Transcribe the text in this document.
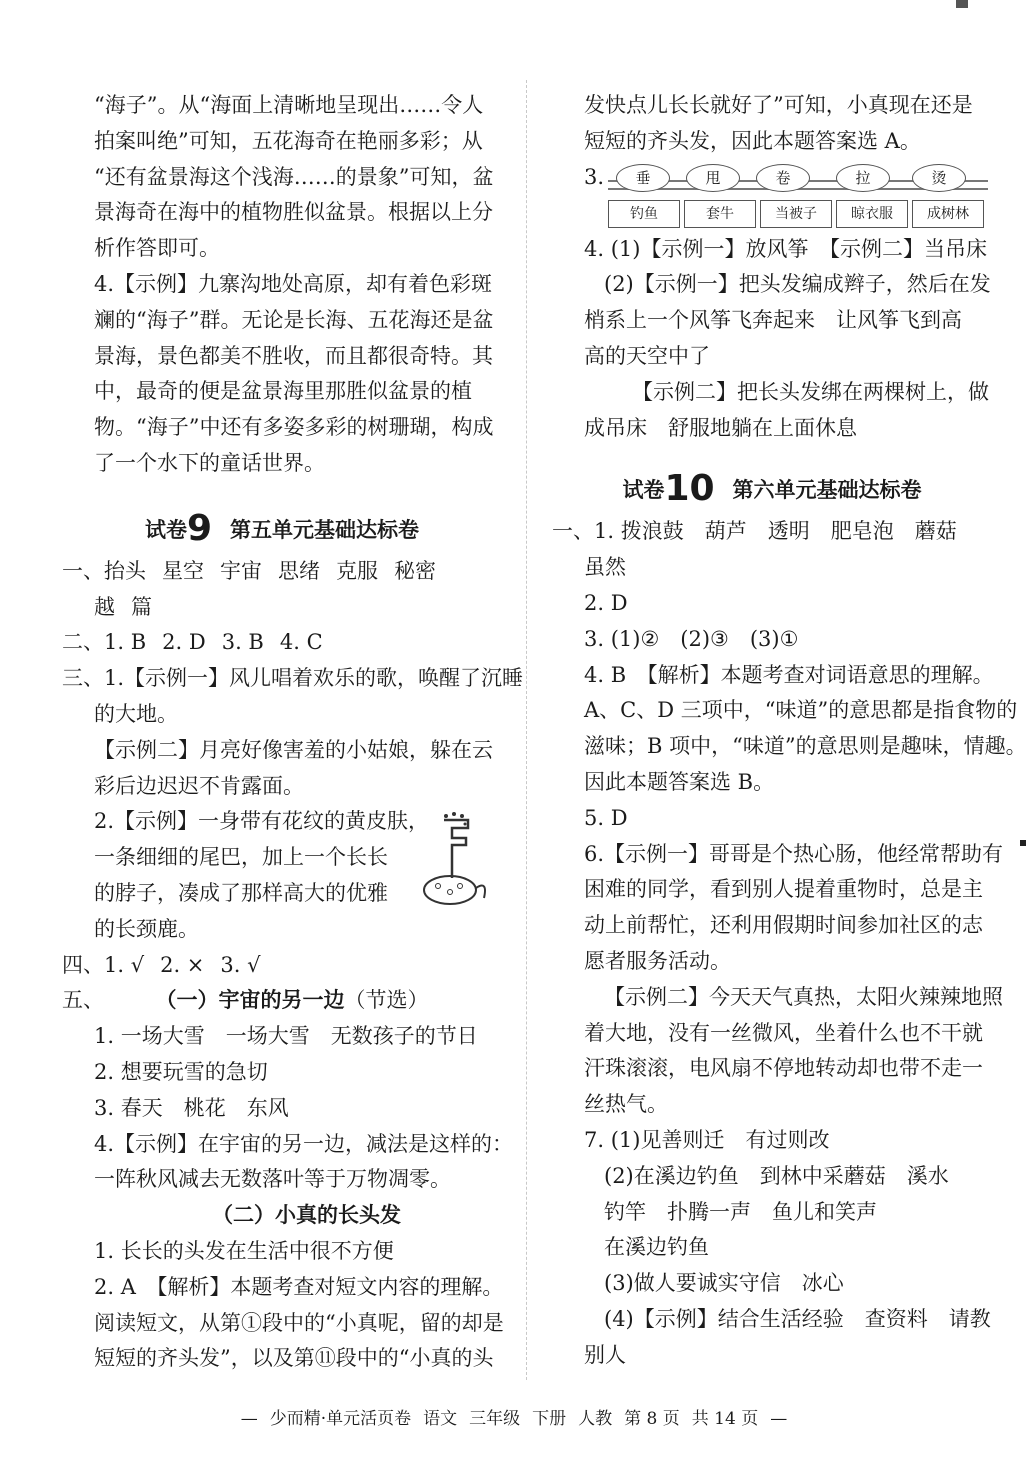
“海子”。从“海面上清晰地呈现出……令人
拍案叫绝”可知，五花海奇在艳丽多彩；从
“还有盆景海这个浅海……的景象”可知，盆
景海奇在海中的植物胜似盆景。根据以上分
析作答即可。
4.【示例】九寨沟地处高原，却有着色彩斑
斓的“海子”群。无论是长海、五花海还是盆
景海，景色都美不胜收，而且都很奇特。其
中，最奇的便是盆景海里那胜似盆景的植
物。“海子”中还有多姿多彩的树珊瑚，构成
了一个水下的童话世界。
试卷9 第五单元基础达标卷
一、抬头 星空 宇宙 思绪 克服 秘密
越 篇
二、1. B 2. D 3. B 4. C
三、1.【示例一】风儿唱着欢乐的歌，唤醒了沉睡
的大地。
【示例二】月亮好像害羞的小姑娘，躲在云
彩后边迟迟不肯露面。
2.【示例】一身带有花纹的黄皮肤，
一条细细的尾巴，加上一个长长
的脖子，凑成了那样高大的优雅
的长颈鹿。
四、1. √ 2. × 3. √
五、	（一）宇宙的另一边（节选）
1. 一场大雪　一场大雪　无数孩子的节日
2. 想要玩雪的急切
3. 春天　桃花　东风
4.【示例】在宇宙的另一边，减法是这样的：
一阵秋风减去无数落叶等于万物凋零。
（二）小真的长头发
1. 长长的头发在生活中很不方便
2. A　【解析】本题考查对短文内容的理解。
阅读短文，从第①段中的“小真呢，留的却是
短短的齐头发”，以及第⑪段中的“小真的头
发快点儿长长就好了”可知，小真现在还是
短短的齐头发，因此本题答案选 A。
3.	垂	甩	卷	拉	烫
钓鱼	套牛	当被子	晾衣服	成树林
4. (1)【示例一】放风筝　【示例二】当吊床
(2)【示例一】把头发编成辫子，然后在发
梢系上一个风筝飞奔起来　让风筝飞到高
高的天空中了
【示例二】把长头发绑在两棵树上，做
成吊床　舒服地躺在上面休息
试卷10 第六单元基础达标卷
一、1. 拨浪鼓　葫芦　透明　肥皂泡　蘑菇
虽然
2. D
3. (1)②　(2)③　(3)①
4. B　【解析】本题考查对词语意思的理解。
A、C、D 三项中，“味道”的意思都是指食物的
滋味；B 项中，“味道”的意思则是趣味，情趣。
因此本题答案选 B。
5. D
6.【示例一】哥哥是个热心肠，他经常帮助有
困难的同学，看到别人提着重物时，总是主
动上前帮忙，还利用假期时间参加社区的志
愿者服务活动。
【示例二】今天天气真热，太阳火辣辣地照
着大地，没有一丝微风，坐着什么也不干就
汗珠滚滚，电风扇不停地转动却也带不走一
丝热气。
7. (1)见善则迁　有过则改
(2)在溪边钓鱼　到林中采蘑菇　溪水
钓竿　扑腾一声　鱼儿和笑声
在溪边钓鱼
(3)做人要诚实守信　冰心
(4)【示例】结合生活经验　查资料　请教
别人
— 少而精·单元活页卷 语文 三年级 下册 人教 第 8 页 共 14 页 —
